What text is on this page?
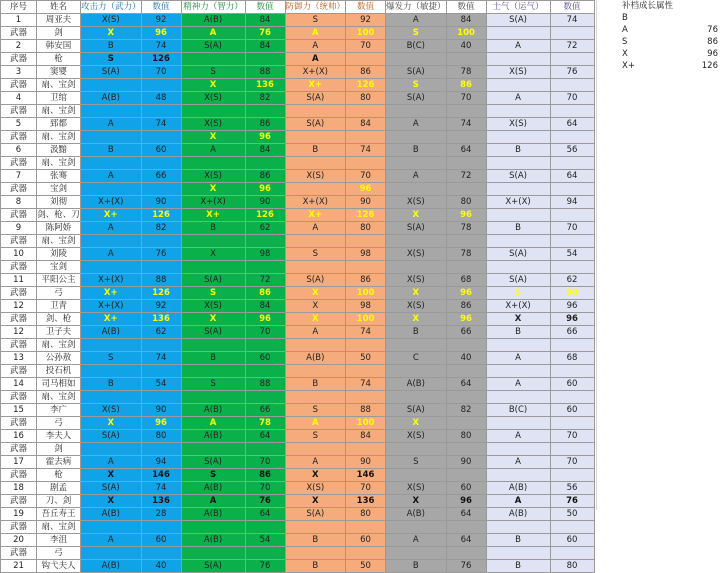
序号	姓名	攻击力（武力）	数值	精神力（智力）	数值	防御力（统帅）	数值	爆发力（敏捷）	数值	士气（运气）	数值
1	周亚夫	X(S)	92	A(B)	84	S	92	A	84	S(A)	74
武器	剑	X	96	A	76	A	100	S	100		
2	韩安国	B	74	S(A)	84	A	70	B(C)	40	A	72
武器	枪	S	126			A					
3	窦婴	S(A)	70	S	88	X+(X)	86	S(A)	78	X(S)	76
武器	扇、宝剑			X	136	X+	126	S	86		
4	卫绾	A(B)	48	X(S)	82	S(A)	80	S(A)	70	A	70
武器	扇、宝剑										
5	郅都	A	74	X(S)	86	S(A)	84	A	74	X(S)	64
武器	扇、宝剑			X	96						
6	汲黯	B	60	A	84	B	74	B	64	B	56
武器	扇、宝剑										
7	张骞	A	66	X(S)	86	X(S)	70	A	72	S(A)	64
武器	宝剑			X	96		96				
8	刘彻	X+(X)	90	X+(X)	90	X+(X)	90	X(S)	80	X+(X)	94
武器	剑、枪、刀	X+	126	X+	126	X+	126	X	96		
9	陈阿娇	A	82	B	62	A	80	S(A)	78	B	70
武器	扇、宝剑										
10	刘陵	A	76	X	98	S	98	X(S)	78	S(A)	54
武器	宝剑										
11	平阳公主	X+(X)	88	S(A)	72	S(A)	86	X(S)	68	S(A)	62
武器	弓	X+	126	S	86	X	100	X	96	S	90
12	卫青	X+(X)	92	X(S)	84	X	98	X(S)	86	X+(X)	96
武器	剑、枪	X+	136	X	96	X	100	X	96	X	96
12	卫子夫	A(B)	62	S(A)	70	A	74	B	66	B	66
武器	扇、宝剑										
13	公孙敖	S	74	B	60	A(B)	50	C	40	A	68
武器	投石机										
14	司马相如	B	54	S	88	B	74	A(B)	64	A	60
武器	扇、宝剑										
15	李广	X(S)	90	A(B)	66	S	88	S(A)	82	B(C)	60
武器	弓	X	96	A	78	A	100	X			
16	李夫人	S(A)	80	A(B)	64	S	84	X(S)	80	A	70
武器	剑										
17	霍去病	A	94	S(A)	70	A	90	S	90	A	70
武器	枪	X	146	S	86	X	146				
18	剧孟	S(A)	74	A(B)	70	X(S)	70	X(S)	60	A(B)	56
武器	刀、剑	X	136	A	76	X	136	X	96	A	76
19	吾丘寿王	A(B)	28	A(B)	64	S(A)	80	A(B)	64	A(B)	50
武器	扇、宝剑										
20	李沮	A	60	A(B)	54	B	60	A	64	B	60
武器	弓										
21	钩弋夫人	A(B)	40	S(A)	76	B	50	B	76	B	80
补档成长属性
B
A	76
S	86
X	96
X+	126
